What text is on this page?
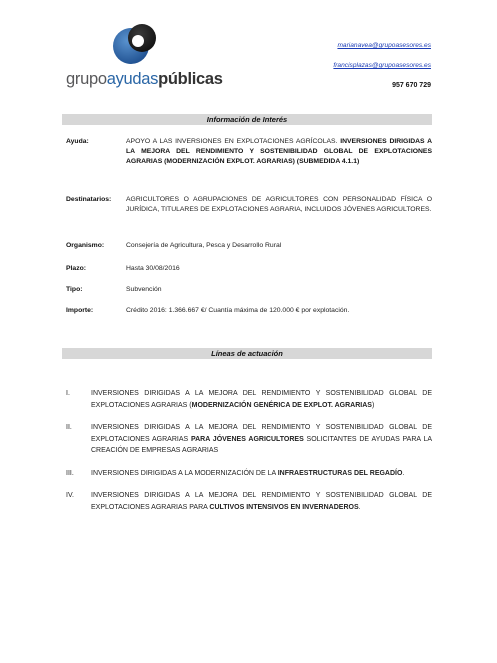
grupoayudaspúblicas
marianavea@grupoasesores.es
francisplazas@grupoasesores.es
957 670 729
Información de Interés
Ayuda:	APOYO A LAS INVERSIONES EN EXPLOTACIONES AGRÍCOLAS. INVERSIONES DIRIGIDAS A LA MEJORA DEL RENDIMIENTO Y SOSTENIBILIDAD GLOBAL DE EXPLOTACIONES AGRARIAS (MODERNIZACIÓN EXPLOT. AGRARIAS) (SUBMEDIDA 4.1.1)
Destinatarios: AGRICULTORES O AGRUPACIONES DE AGRICULTORES CON PERSONALIDAD FÍSICA O JURÍDICA, TITULARES DE EXPLOTACIONES AGRARIA, INCLUIDOS JÓVENES AGRICULTORES.
Organismo:	Consejería de Agricultura, Pesca y Desarrollo Rural
Plazo:	Hasta 30/08/2016
Tipo:	Subvención
Importe:	Crédito 2016: 1.366.667 €/ Cuantía máxima de 120.000 € por explotación.
Líneas de actuación
I.	INVERSIONES DIRIGIDAS A LA MEJORA DEL RENDIMIENTO Y SOSTENIBILIDAD GLOBAL DE EXPLOTACIONES AGRARIAS (MODERNIZACIÓN GENÉRICA DE EXPLOT. AGRARIAS)
II.	INVERSIONES DIRIGIDAS A LA MEJORA DEL RENDIMIENTO Y SOSTENIBILIDAD GLOBAL DE EXPLOTACIONES AGRARIAS PARA JÓVENES AGRICULTORES SOLICITANTES DE AYUDAS PARA LA CREACIÓN DE EMPRESAS AGRARIAS
III. INVERSIONES DIRIGIDAS A LA MODERNIZACIÓN DE LA INFRAESTRUCTURAS DEL REGADÍO.
IV. INVERSIONES DIRIGIDAS A LA MEJORA DEL RENDIMIENTO Y SOSTENIBILIDAD GLOBAL DE EXPLOTACIONES AGRARIAS PARA CULTIVOS INTENSIVOS EN INVERNADEROS.
